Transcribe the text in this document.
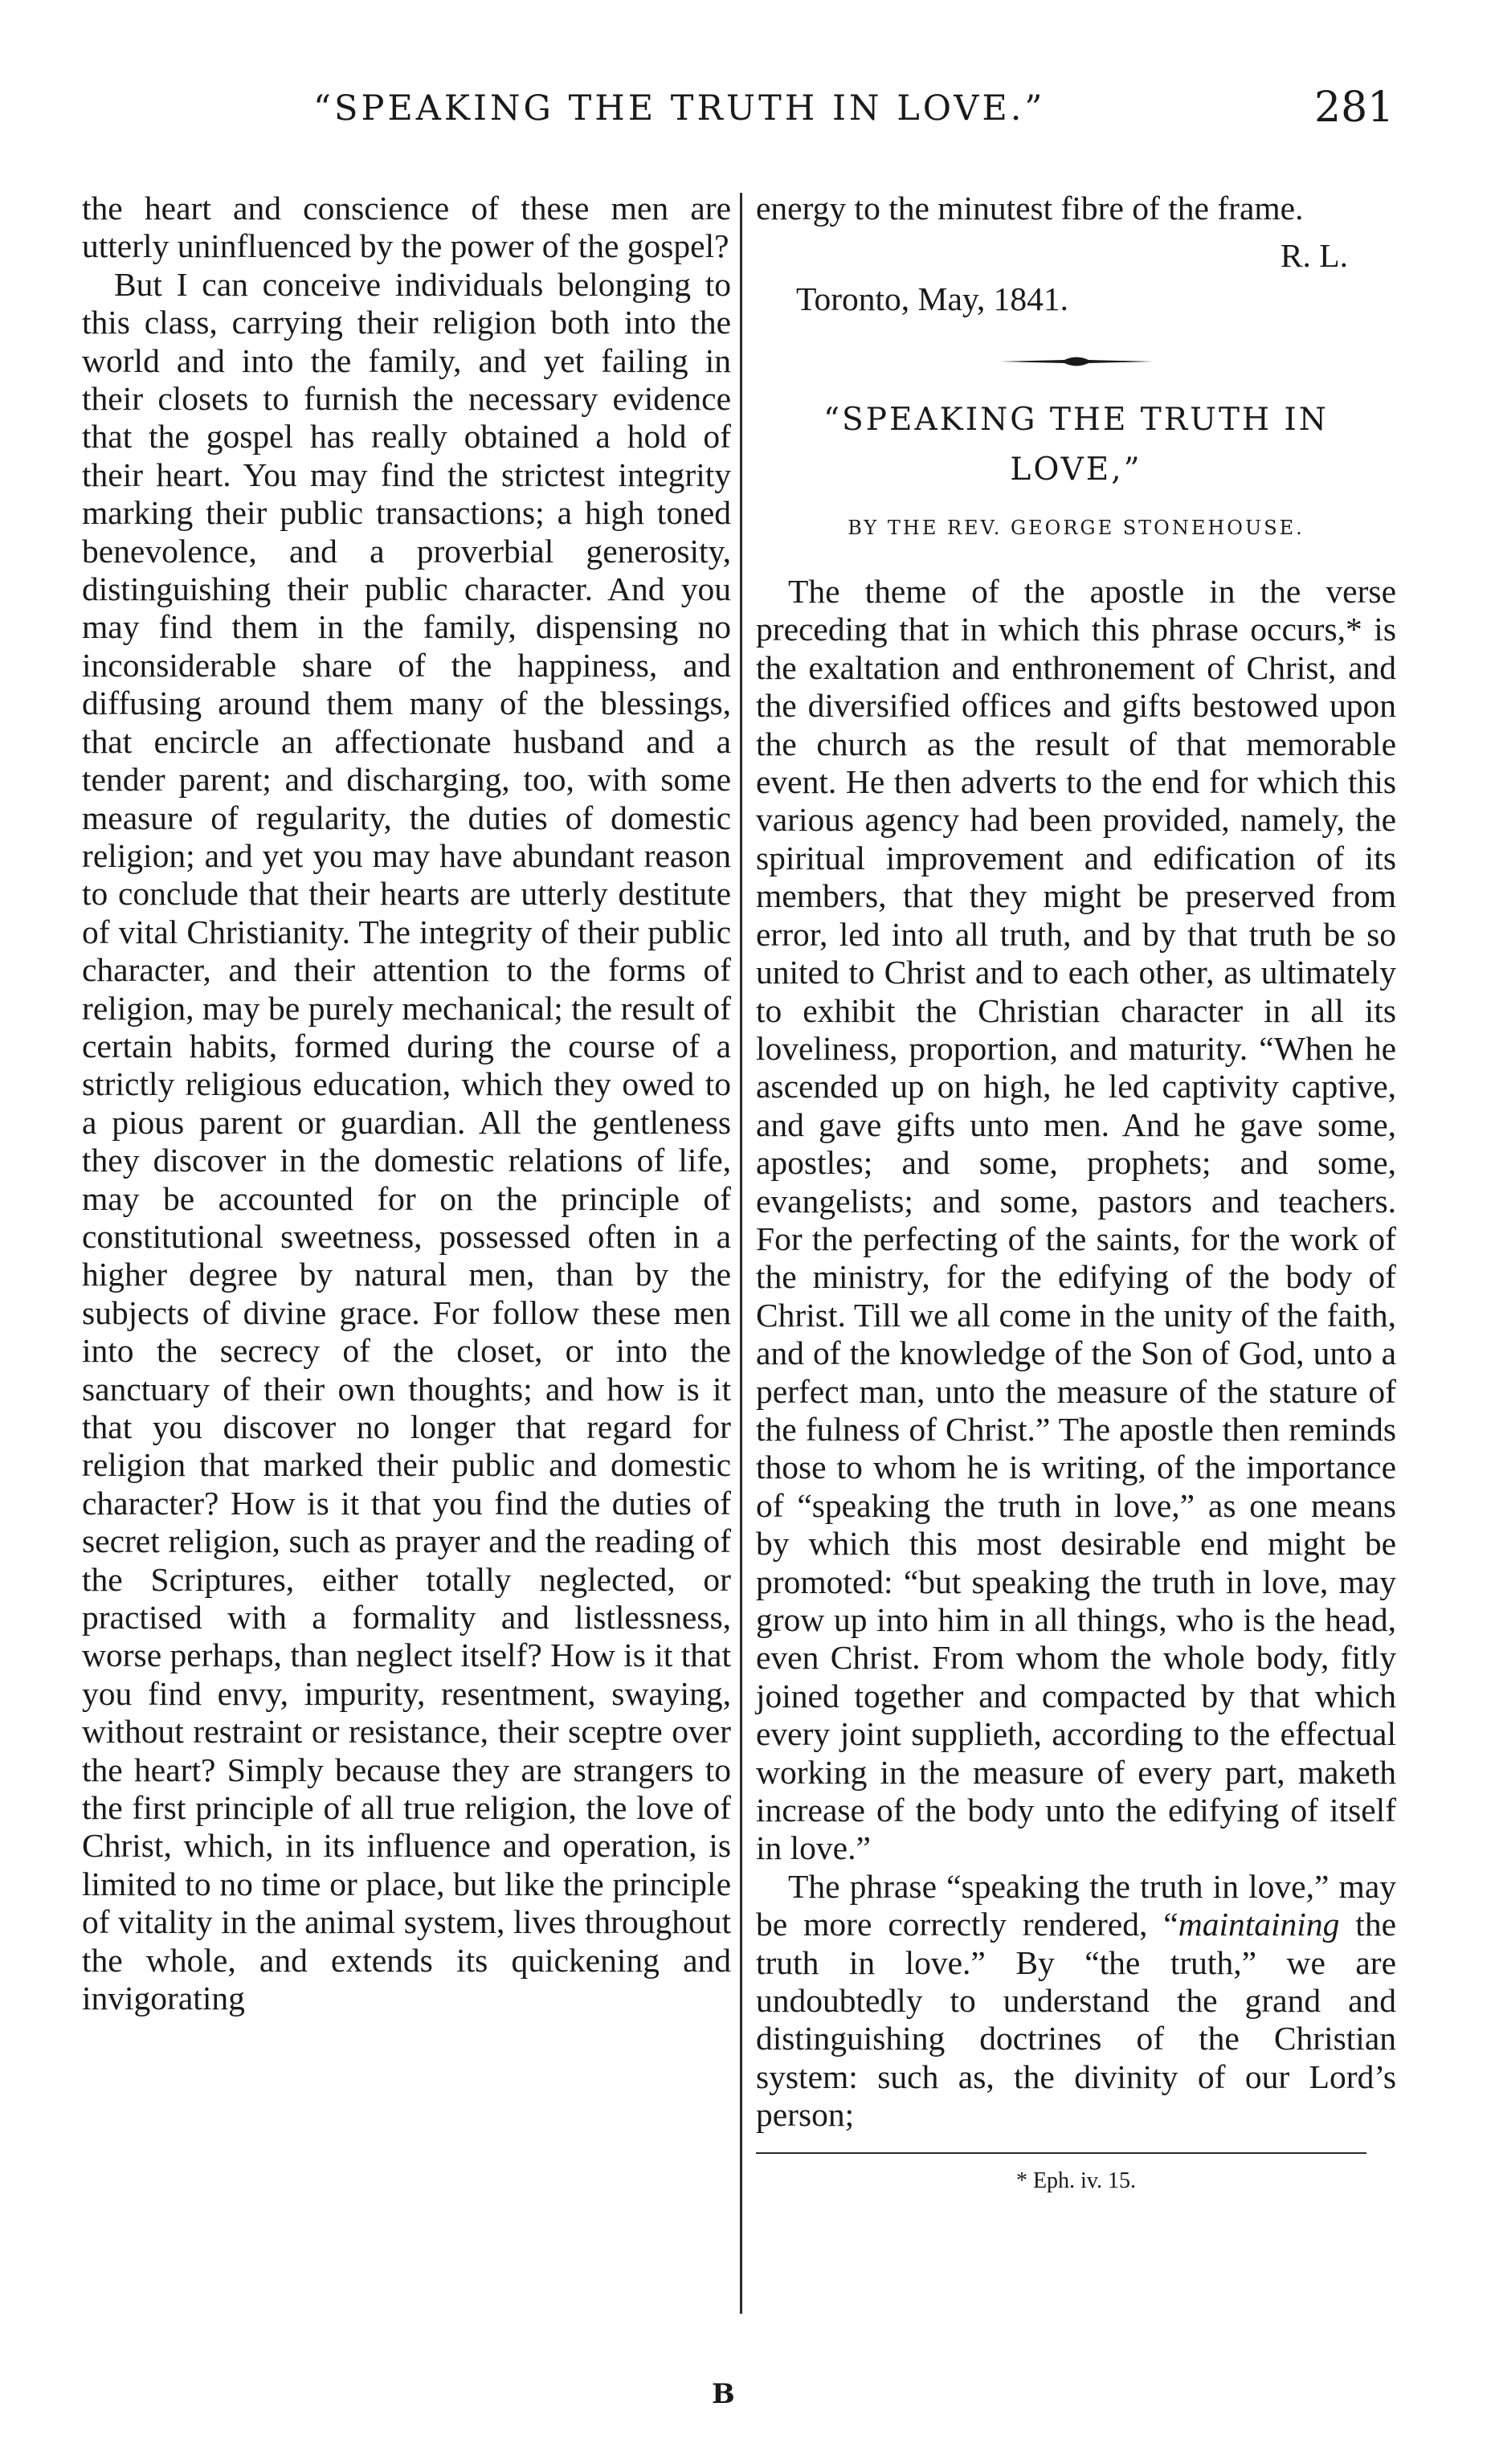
“SPEAKING THE TRUTH IN LOVE.”	281

the heart and conscience of these men are utterly uninfluenced by the power of the gospel?

But I can conceive individuals belonging to this class, carrying their religion both into the world and into the family, and yet failing in their closets to furnish the necessary evidence that the gospel has really obtained a hold of their heart. You may find the strictest integrity marking their public transactions; a high toned benevolence, and a proverbial generosity, distinguishing their public character. And you may find them in the family, dispensing no inconsiderable share of the happiness, and diffusing around them many of the blessings, that encircle an affectionate husband and a tender parent; and discharging, too, with some measure of regularity, the duties of domestic religion; and yet you may have abundant reason to conclude that their hearts are utterly destitute of vital Christianity. The integrity of their public character, and their attention to the forms of religion, may be purely mechanical; the result of certain habits, formed during the course of a strictly religious education, which they owed to a pious parent or guardian. All the gentleness they discover in the domestic relations of life, may be accounted for on the principle of constitutional sweetness, possessed often in a higher degree by natural men, than by the subjects of divine grace. For follow these men into the secrecy of the closet, or into the sanctuary of their own thoughts; and how is it that you discover no longer that regard for religion that marked their public and domestic character? How is it that you find the duties of secret religion, such as prayer and the reading of the Scriptures, either totally neglected, or practised with a formality and listlessness, worse perhaps, than neglect itself? How is it that you find envy, impurity, resentment, swaying, without restraint or resistance, their sceptre over the heart? Simply because they are strangers to the first principle of all true religion, the love of Christ, which, in its influence and operation, is limited to no time or place, but like the principle of vitality in the animal system, lives throughout the whole, and extends its quickening and invigorating

energy to the minutest fibre of the frame.

R. L.

Toronto, May, 1841.

“SPEAKING THE TRUTH IN

LOVE,”

BY THE REV. GEORGE STONEHOUSE.

The theme of the apostle in the verse preceding that in which this phrase occurs,* is the exaltation and enthronement of Christ, and the diversified offices and gifts bestowed upon the church as the result of that memorable event. He then adverts to the end for which this various agency had been provided, namely, the spiritual improvement and edification of its members, that they might be preserved from error, led into all truth, and by that truth be so united to Christ and to each other, as ultimately to exhibit the Christian character in all its loveliness, proportion, and maturity. “When he ascended up on high, he led captivity captive, and gave gifts unto men. And he gave some, apostles; and some, prophets; and some, evangelists; and some, pastors and teachers. For the perfecting of the saints, for the work of the ministry, for the edifying of the body of Christ. Till we all come in the unity of the faith, and of the knowledge of the Son of God, unto a perfect man, unto the measure of the stature of the fulness of Christ.” The apostle then reminds those to whom he is writing, of the importance of “speaking the truth in love,” as one means by which this most desirable end might be promoted: “but speaking the truth in love, may grow up into him in all things, who is the head, even Christ. From whom the whole body, fitly joined together and compacted by that which every joint supplieth, according to the effectual working in the measure of every part, maketh increase of the body unto the edifying of itself in love.”

The phrase “speaking the truth in love,” may be more correctly rendered, “maintaining the truth in love.” By “the truth,” we are undoubtedly to understand the grand and distinguishing doctrines of the Christian system: such as, the divinity of our Lord’s person;

* Eph. iv. 15.

B
